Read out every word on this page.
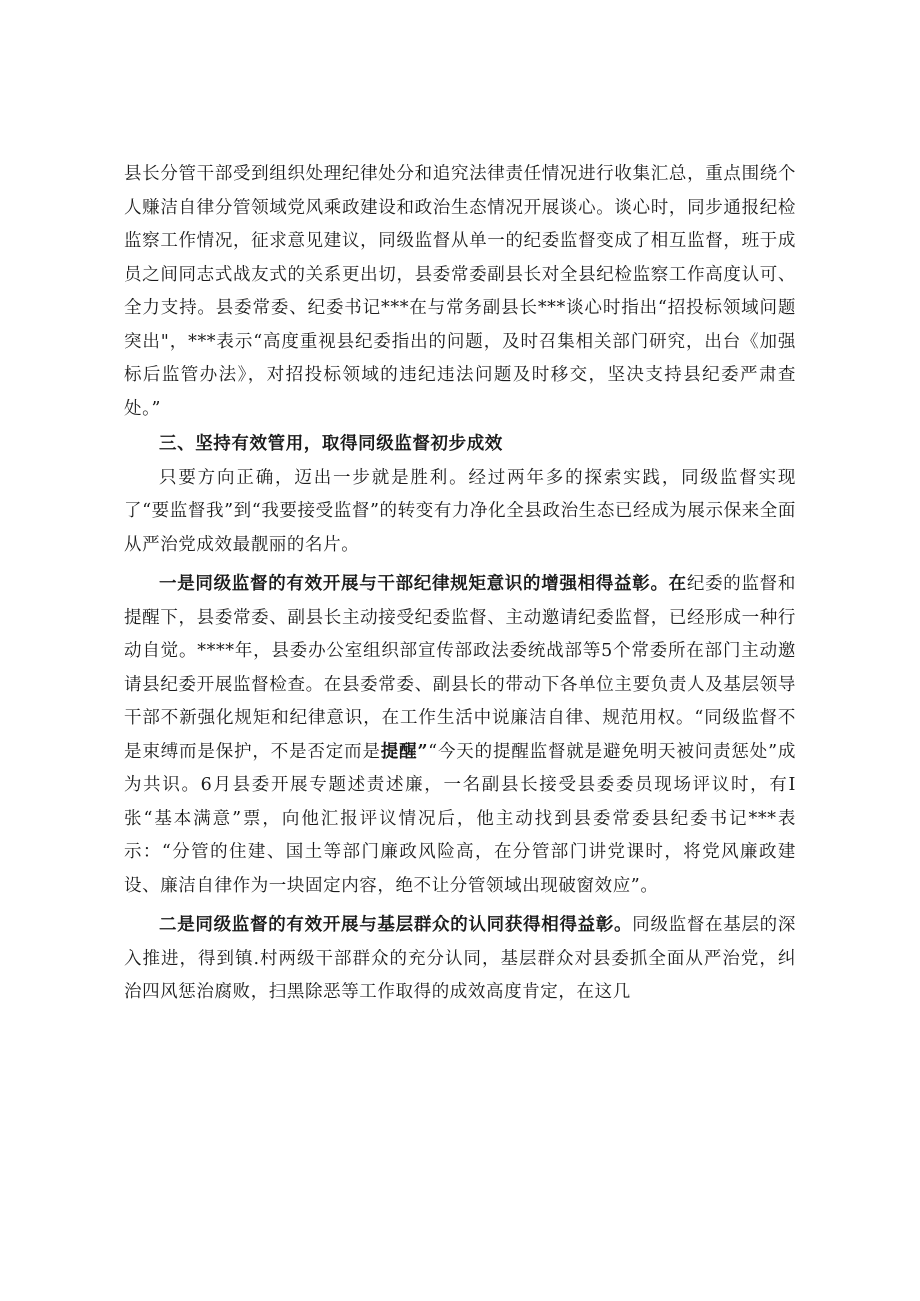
县长分管干部受到组织处理纪律处分和追究法律责任情况进行收集汇总，重点围绕个人赚洁自律分管领域党风乘政建设和政治生态情况开展谈心。谈心时，同步通报纪检监察工作情况，征求意见建议，同级监督从单一的纪委监督变成了相互监督，班于成员之间同志式战友式的关系更出切，县委常委副县长对全县纪检监察工作高度认可、全力支持。县委常委、纪委书记***在与常务副县长***谈心时指出“招投标领域问题突出"，***表示“高度重视县纪委指出的问题，及时召集相关部门研究，出台《加强标后监管办法》，对招投标领域的违纪违法问题及时移交，坚决支持县纪委严肃查处。”

三、坚持有效管用，取得同级监督初步成效

只要方向正确，迈出一步就是胜利。经过两年多的探索实践，同级监督实现了“要监督我”到“我要接受监督”的转变有力净化全县政治生态已经成为展示保来全面从严治党成效最靓丽的名片。

一是同级监督的有效开展与干部纪律规矩意识的增强相得益彰。在纪委的监督和提醒下，县委常委、副县长主动接受纪委监督、主动邀请纪委监督，已经形成一种行动自觉。****年，县委办公室组织部宣传部政法委统战部等5个常委所在部门主动邀请县纪委开展监督检查。在县委常委、副县长的带动下各单位主要负责人及基层领导干部不新强化规矩和纪律意识，在工作生活中说廉洁自律、规范用权。“同级监督不是束缚而是保护，不是否定而是提醒”“今天的提醒监督就是避免明天被问责惩处”成为共识。6月县委开展专题述责述廉，一名副县长接受县委委员现场评议时，有I张“基本满意”票，向他汇报评议情况后，他主动找到县委常委县纪委书记***表示：“分管的住建、国土等部门廉政风险高，在分管部门讲党课时，将党风廉政建设、廉洁自律作为一块固定内容，绝不让分管领域出现破窗效应”。

二是同级监督的有效开展与基层群众的认同获得相得益彰。同级监督在基层的深入推进，得到镇.村两级干部群众的充分认同，基层群众对县委抓全面从严治党，纠治四风惩治腐败，扫黑除恶等工作取得的成效高度肯定，在这几
